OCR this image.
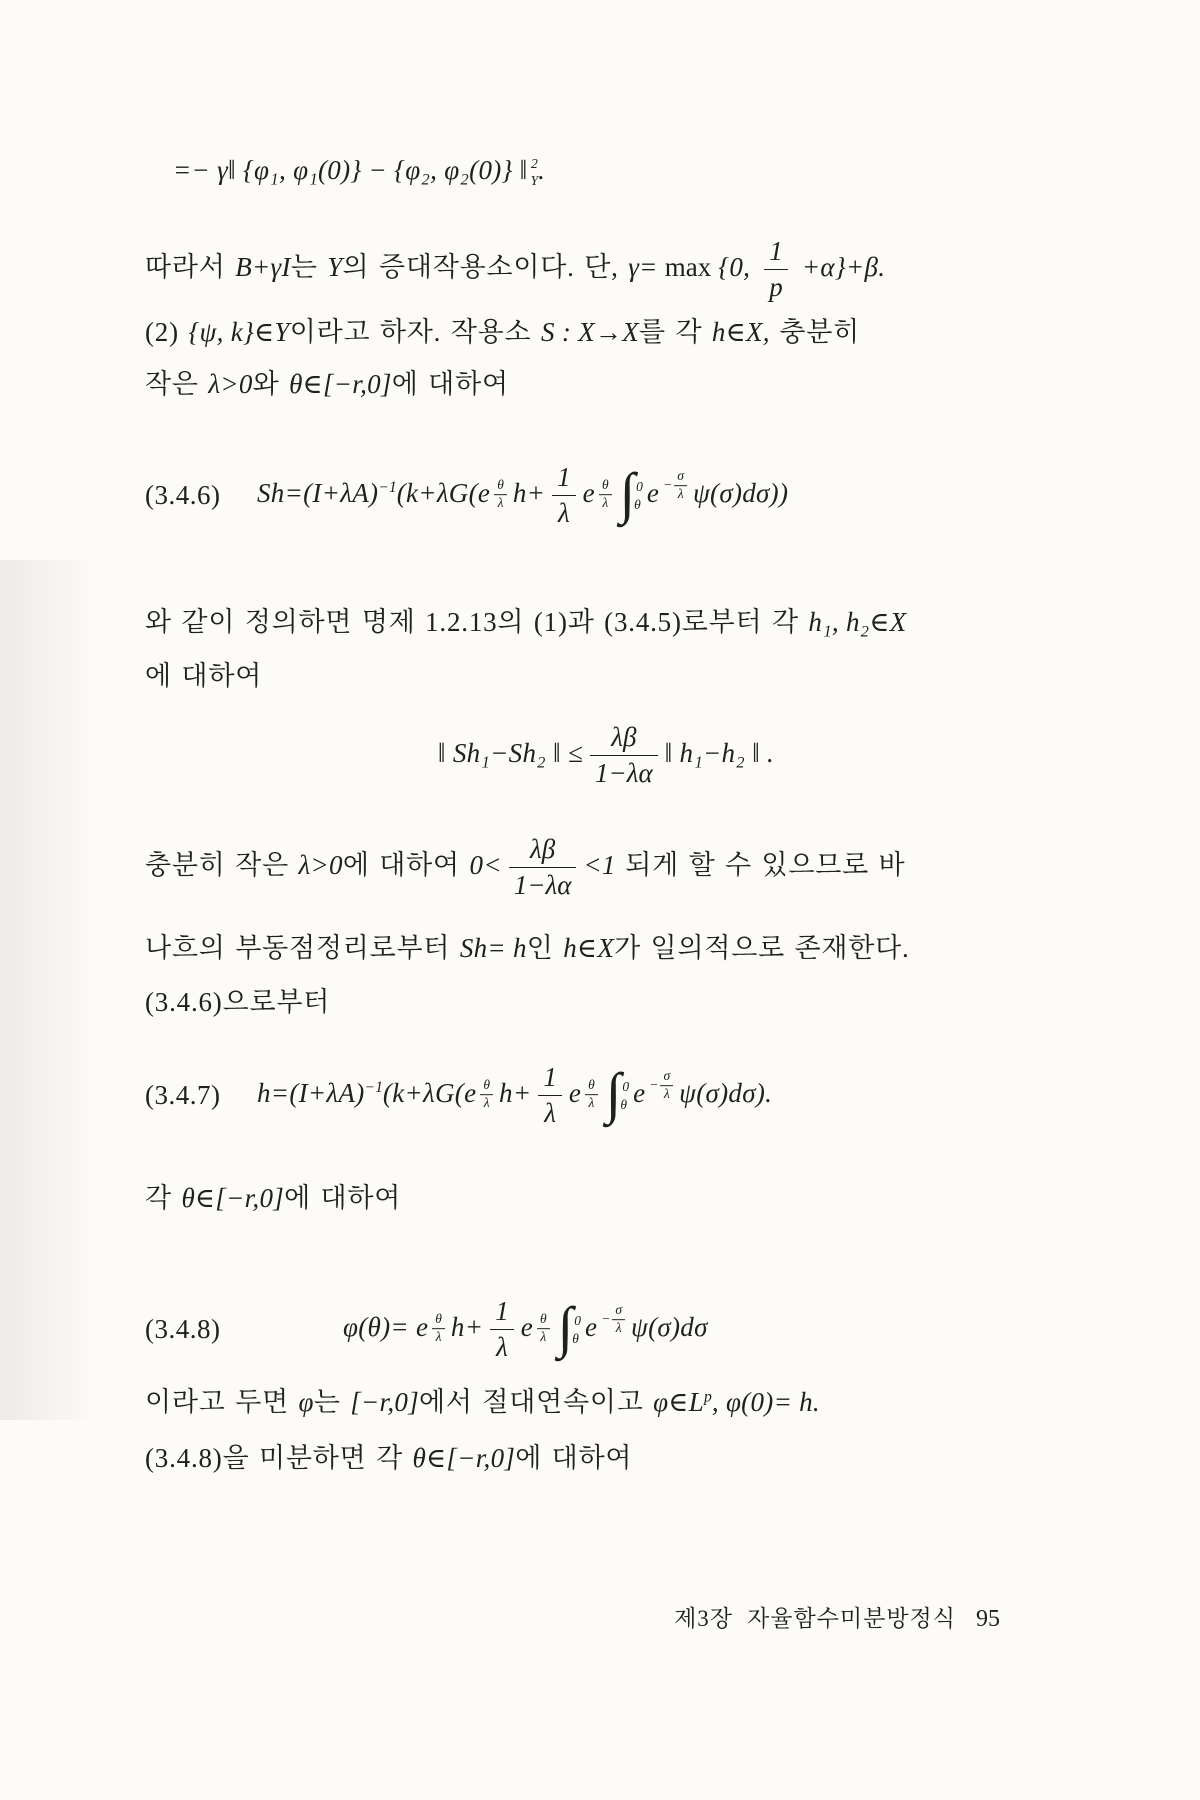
=− γ‖ {φ₁, φ₁(0)} − {φ₂, φ₂(0)} ‖ 2
Y .
따라서 B+γI는 Y의 증대작용소이다. 단, γ= max {0, $\frac{1}{p} +\alpha\}+\beta$.
(2) {ψ, k}∈Y이라고 하자. 작용소 S : X→X를 각 h∈X, 충분히
작은 λ>0와 θ∈[−r,0]에 대하여
(3.4.6)	$Sh=(I+\lambda A)^{-1}(k+\lambda G(e \frac{\theta}{\lambda} h+ \frac{1}{\lambda}$ e $\frac{\theta}{\lambda}$ ∫ 0
θ $e - \frac{\sigma}{\lambda} \psi(\sigma)d\sigma$))
와 같이 정의하면 명제 1.2.13의 (1)과 (3.4.5)로부터 각 h₁, h₂∈X
에 대하여
‖ Sh₁−Sh₂ ‖ ≤ $\frac{\lambda\beta}{1-\lambda\alpha}$ ‖ h₁−h₂ ‖ .
충분히 작은 λ>0에 대하여 $0< \frac{\lambda\beta}{1-\lambda\alpha} <1$ 되게 할 수 있으므로 바
나흐의 부동점정리로부터 Sh= h인 h∈X가 일의적으로 존재한다.
(3.4.6)으로부터
(3.4.7)	$h=(I+\lambda A)^{-1}(k+\lambda G(e \frac{\theta}{\lambda} h+ \frac{1}{\lambda}$ e $\frac{\theta}{\lambda}$ ∫ 0
θ $e - \frac{\sigma}{\lambda} \psi(\sigma)d\sigma$).
각 θ∈[−r,0]에 대하여
(3.4.8)	φ(θ)= e $\frac{\theta}{\lambda} h+ \frac{1}{\lambda}$ e $\frac{\theta}{\lambda}$ ∫ 0
θ $e - \frac{\sigma}{\lambda} \psi(\sigma)d\sigma$
이라고 두면 φ는 [−r,0]에서 절대연속이고 $\varphi\in L^p$, φ(0)= h.
(3.4.8)을 미분하면 각 θ∈[−r,0]에 대하여
제3장 자율함수미분방정식 95
